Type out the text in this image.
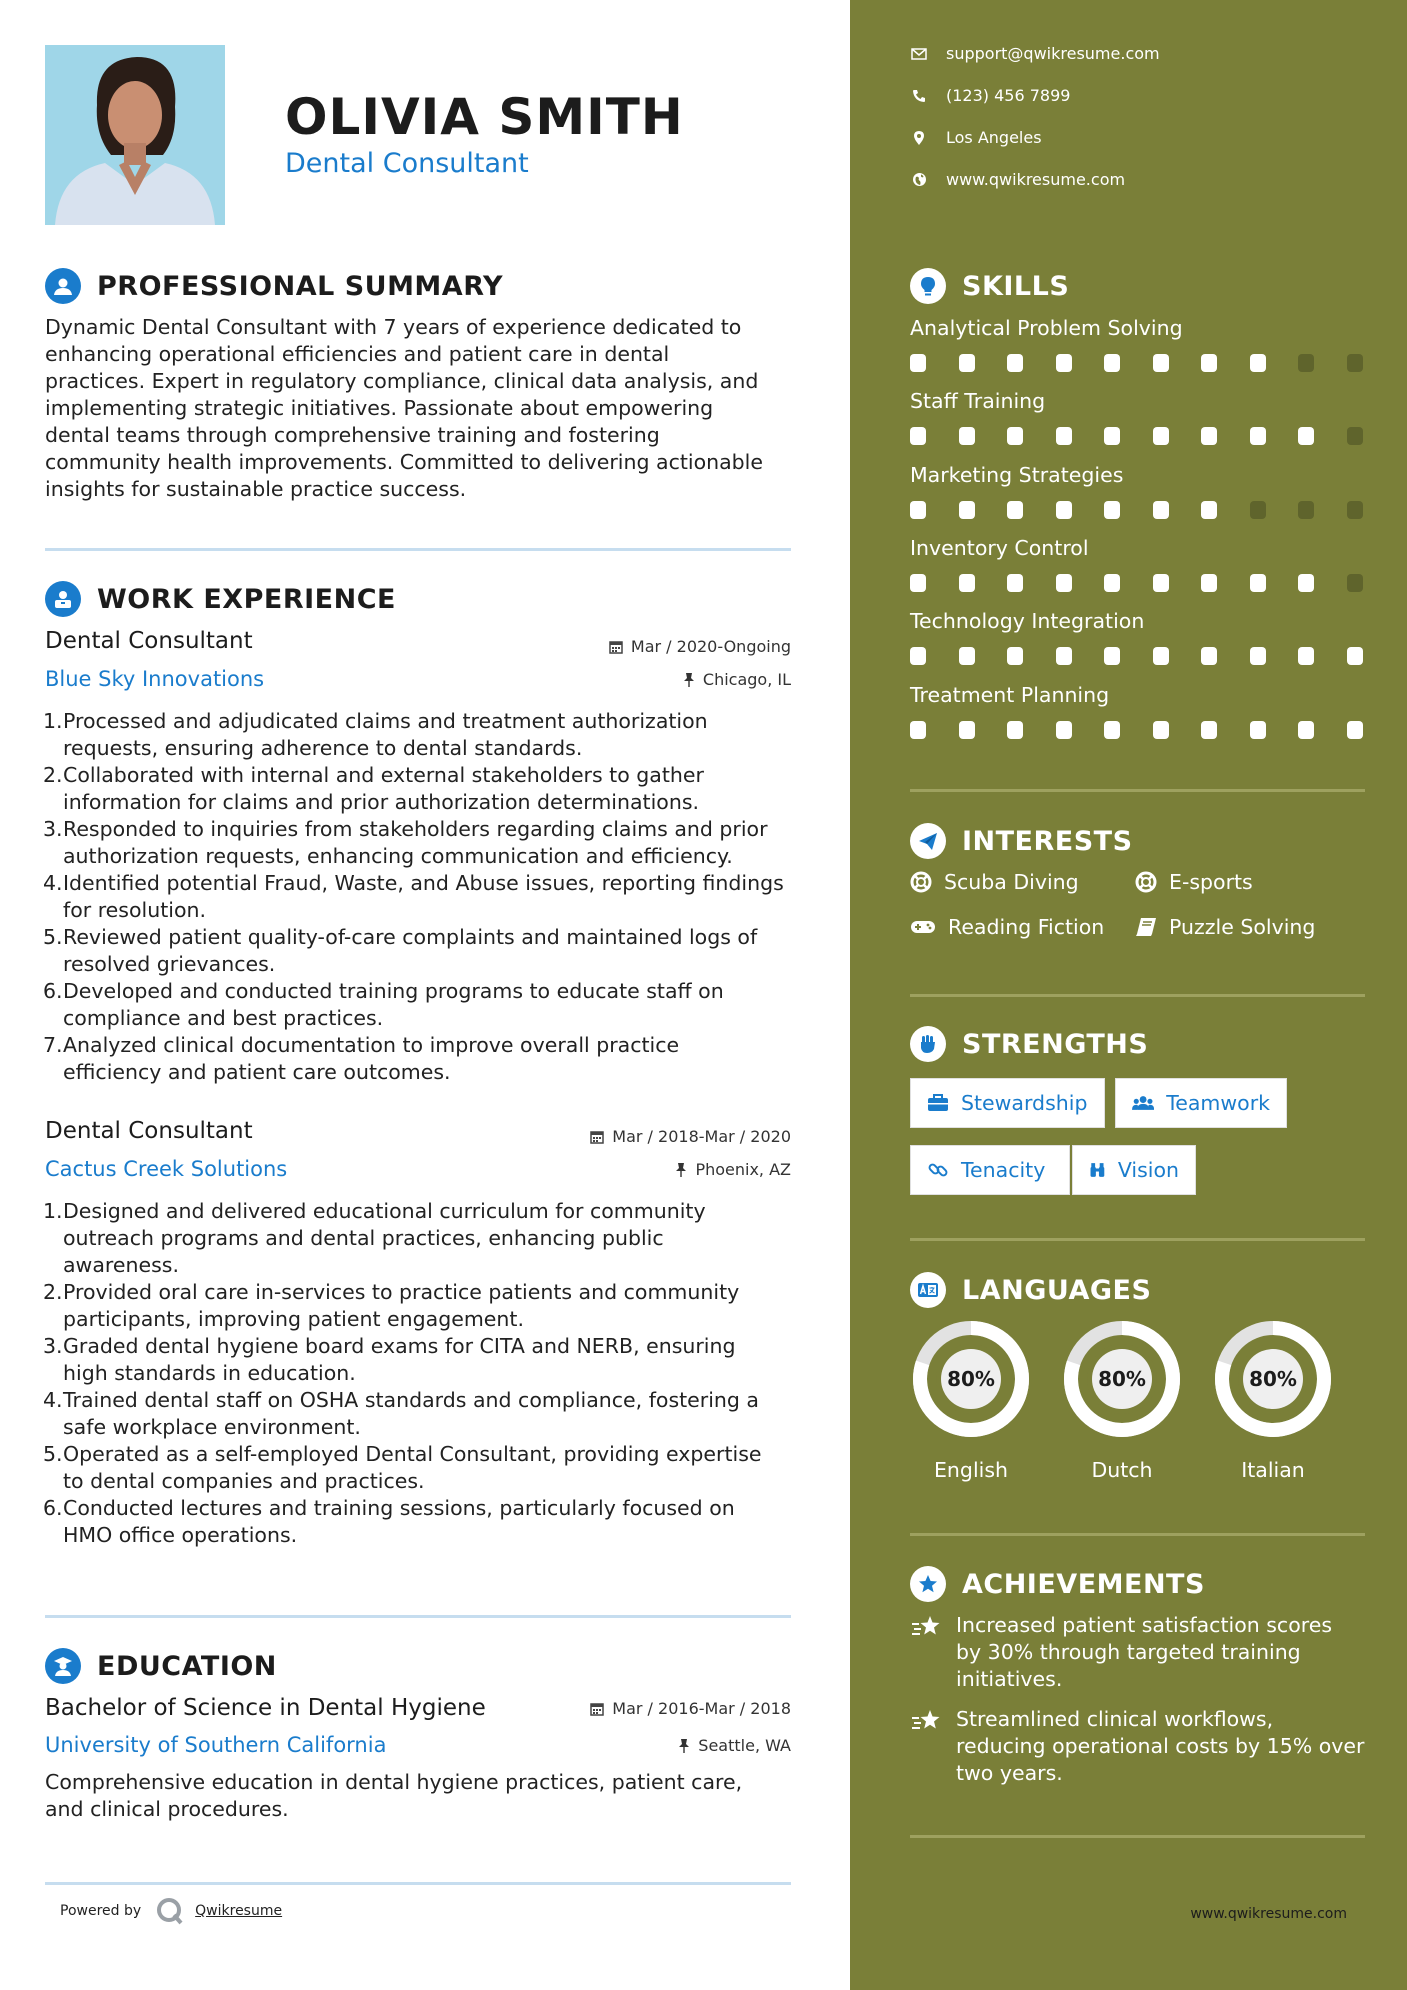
OLIVIA SMITH
Dental Consultant
PROFESSIONAL SUMMARY
Dynamic Dental Consultant with 7 years of experience dedicated to
enhancing operational efficiencies and patient care in dental
practices. Expert in regulatory compliance, clinical data analysis, and
implementing strategic initiatives. Passionate about empowering
dental teams through comprehensive training and fostering
community health improvements. Committed to delivering actionable
insights for sustainable practice success.
WORK EXPERIENCE
Dental Consultant	Mar / 2020-Ongoing
Blue Sky Innovations	Chicago, IL
1. Processed and adjudicated claims and treatment authorization
requests, ensuring adherence to dental standards.
2. Collaborated with internal and external stakeholders to gather
information for claims and prior authorization determinations.
3. Responded to inquiries from stakeholders regarding claims and prior
authorization requests, enhancing communication and efficiency.
4. Identified potential Fraud, Waste, and Abuse issues, reporting findings
for resolution.
5. Reviewed patient quality-of-care complaints and maintained logs of
resolved grievances.
6. Developed and conducted training programs to educate staff on
compliance and best practices.
7. Analyzed clinical documentation to improve overall practice
efficiency and patient care outcomes.
Dental Consultant	Mar / 2018-Mar / 2020
Cactus Creek Solutions	Phoenix, AZ
1. Designed and delivered educational curriculum for community
outreach programs and dental practices, enhancing public
awareness.
2. Provided oral care in-services to practice patients and community
participants, improving patient engagement.
3. Graded dental hygiene board exams for CITA and NERB, ensuring
high standards in education.
4. Trained dental staff on OSHA standards and compliance, fostering a
safe workplace environment.
5. Operated as a self-employed Dental Consultant, providing expertise
to dental companies and practices.
6. Conducted lectures and training sessions, particularly focused on
HMO office operations.
EDUCATION
Bachelor of Science in Dental Hygiene	Mar / 2016-Mar / 2018
University of Southern California	Seattle, WA
Comprehensive education in dental hygiene practices, patient care,
and clinical procedures.
Powered by	Qwikresume
support@qwikresume.com
(123) 456 7899
Los Angeles
www.qwikresume.com
SKILLS
Analytical Problem Solving
Staff Training
Marketing Strategies
Inventory Control
Technology Integration
Treatment Planning
INTERESTS
Scuba Diving	E-sports
Reading Fiction	Puzzle Solving
STRENGTHS
Stewardship	Teamwork
Tenacity	Vision
LANGUAGES
80%
English
80%
Dutch
80%
Italian
ACHIEVEMENTS
Increased patient satisfaction scores
by 30% through targeted training
initiatives.
Streamlined clinical workflows,
reducing operational costs by 15% over
two years.
www.qwikresume.com
